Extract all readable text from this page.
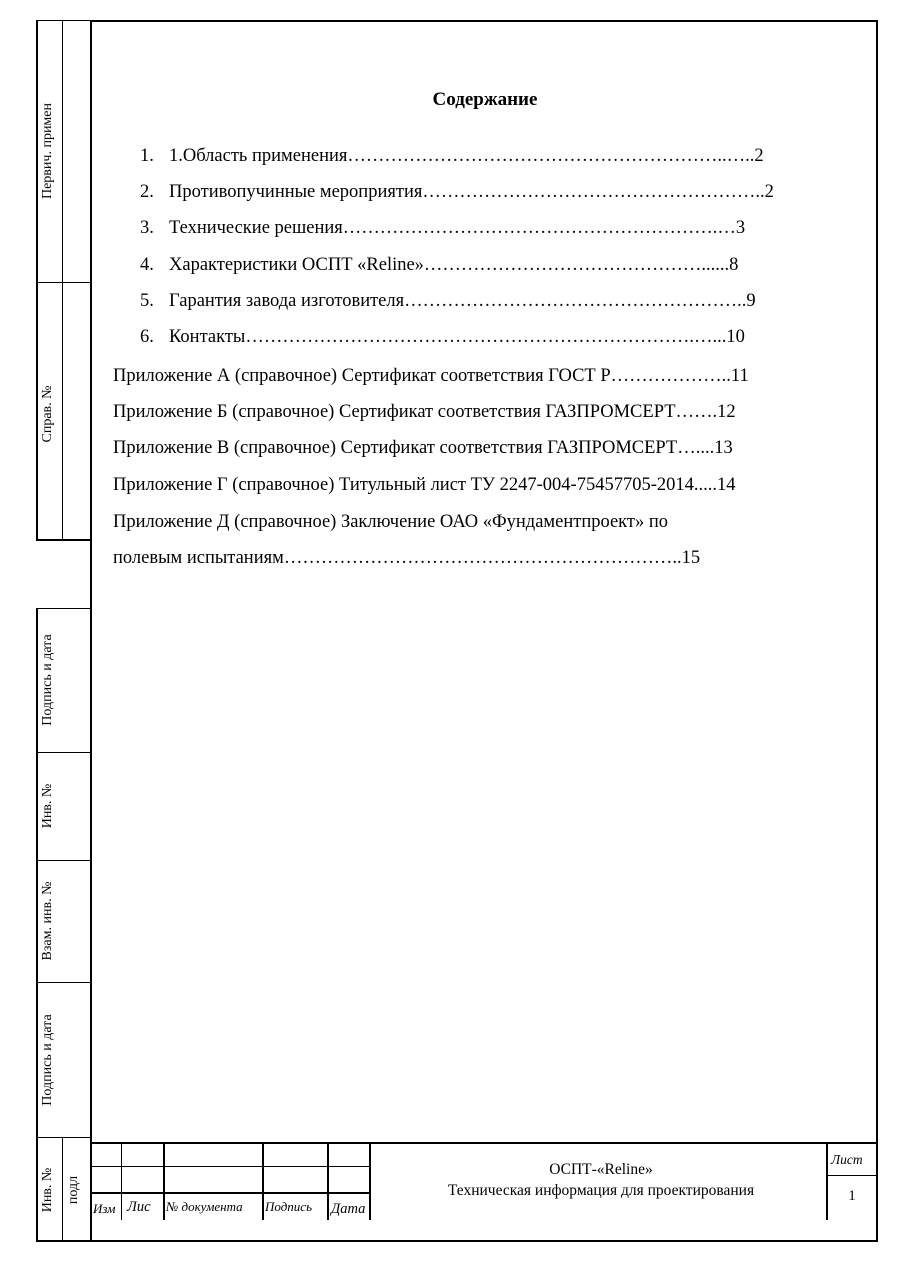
Первич. примен
Справ. №
Подпись и дата
Инв. №
Взам. инв. №
Подпись и дата
Инв. № подл
Содержание
1. 1.Область применения……………………………………………………..…..2
2. Противопучинные мероприятия………………………………………………..2
3. Технические решения…………………………………………………….…3
4. Характеристики ОСПТ «Reline»………………………………………......8
5. Гарантия завода изготовителя………………………………………………..9
6. Контакты……………………………………………………………….…...10
Приложение А (справочное) Сертификат соответствия ГОСТ Р………………..11
Приложение Б (справочное) Сертификат соответствия ГАЗПРОМСЕРТ…….12
Приложение В (справочное) Сертификат соответствия ГАЗПРОМСЕРТ…....13
Приложение Г (справочное) Титульный лист ТУ 2247-004-75457705-2014.....14
Приложение Д (справочное) Заключение ОАО «Фундаментпроект» по
полевым испытаниям………………………………………………………..15
Изм Лис № документа Подпись Дата
ОСПТ-«Reline»
Техническая информация для проектирования
Лист
1
